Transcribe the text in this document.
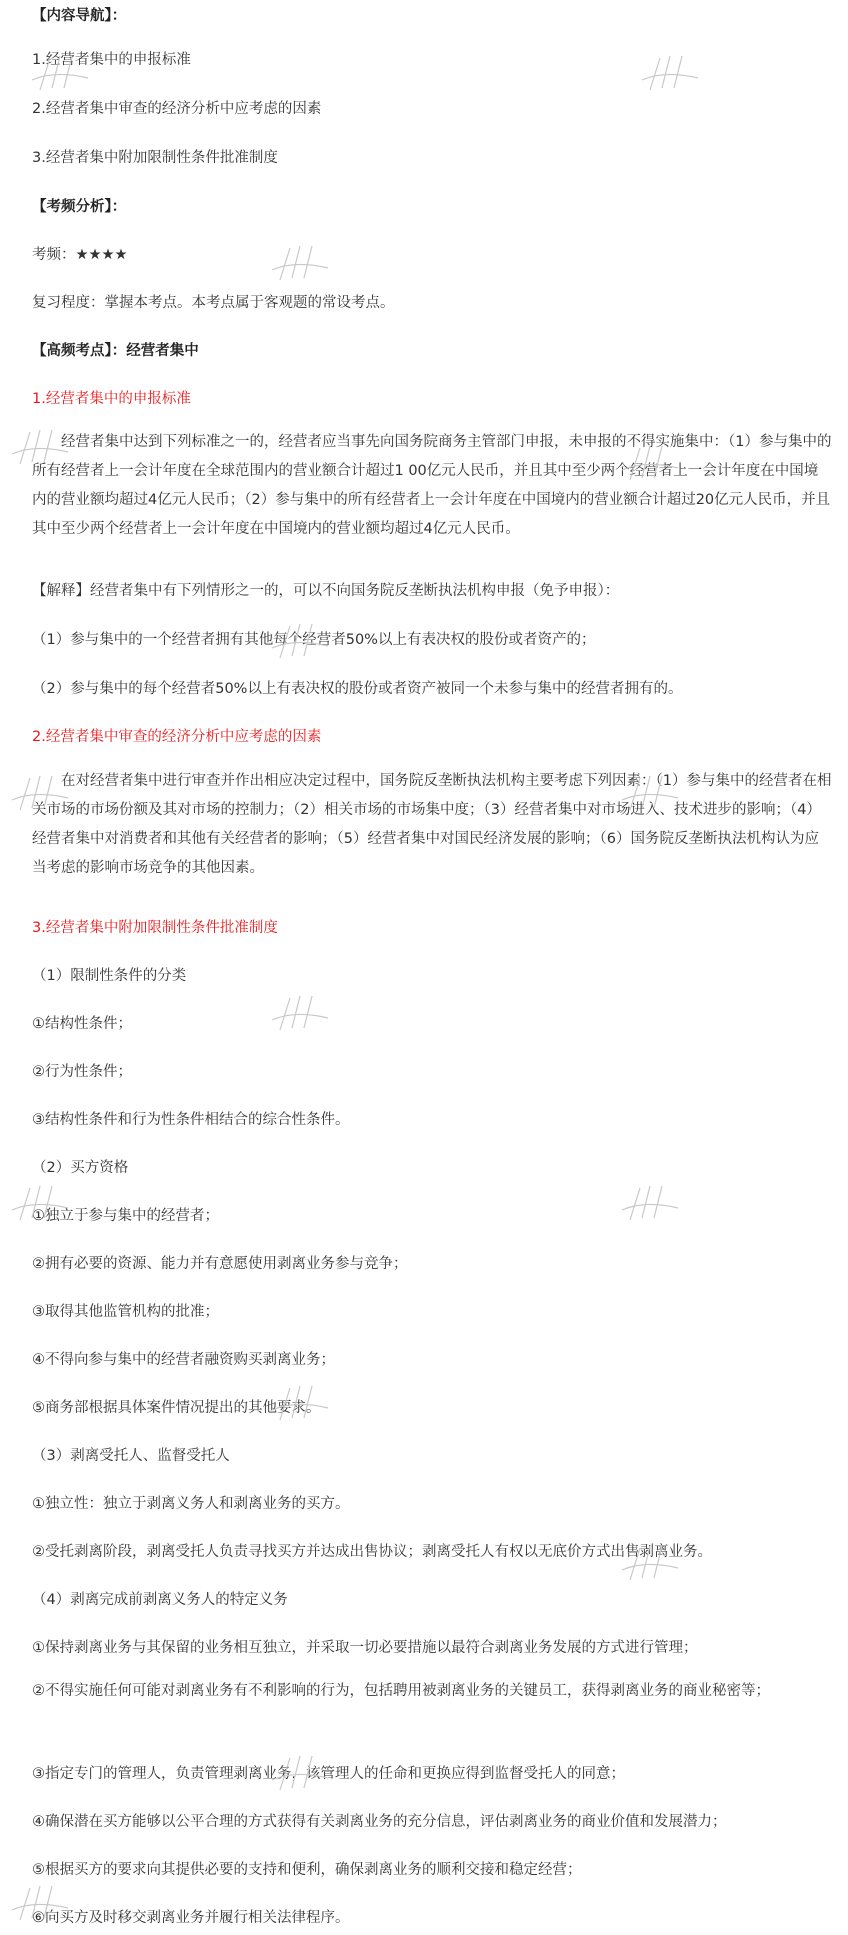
【内容导航】：
1.经营者集中的申报标准
2.经营者集中审查的经济分析中应考虑的因素
3.经营者集中附加限制性条件批准制度
【考频分析】：
考频：★★★★
复习程度：掌握本考点。本考点属于客观题的常设考点。
【高频考点】：经营者集中
1.经营者集中的申报标准
经营者集中达到下列标准之一的，经营者应当事先向国务院商务主管部门申报，未申报的不得实施集中：（1）参与集中的所有经营者上一会计年度在全球范围内的营业额合计超过1 00亿元人民币，并且其中至少两个经营者上一会计年度在中国境内的营业额均超过4亿元人民币；（2）参与集中的所有经营者上一会计年度在中国境内的营业额合计超过20亿元人民币，并且其中至少两个经营者上一会计年度在中国境内的营业额均超过4亿元人民币。
【解释】经营者集中有下列情形之一的，可以不向国务院反垄断执法机构申报（免予申报）：
（1）参与集中的一个经营者拥有其他每个经营者50%以上有表决权的股份或者资产的；
（2）参与集中的每个经营者50%以上有表决权的股份或者资产被同一个未参与集中的经营者拥有的。
2.经营者集中审查的经济分析中应考虑的因素
在对经营者集中进行审查并作出相应决定过程中，国务院反垄断执法机构主要考虑下列因素：（1）参与集中的经营者在相关市场的市场份额及其对市场的控制力；（2）相关市场的市场集中度；（3）经营者集中对市场进入、技术进步的影响；（4）经营者集中对消费者和其他有关经营者的影响；（5）经营者集中对国民经济发展的影响；（6）国务院反垄断执法机构认为应当考虑的影响市场竞争的其他因素。
3.经营者集中附加限制性条件批准制度
（1）限制性条件的分类
①结构性条件；
②行为性条件；
③结构性条件和行为性条件相结合的综合性条件。
（2）买方资格
①独立于参与集中的经营者；
②拥有必要的资源、能力并有意愿使用剥离业务参与竞争；
③取得其他监管机构的批准；
④不得向参与集中的经营者融资购买剥离业务；
⑤商务部根据具体案件情况提出的其他要求。
（3）剥离受托人、监督受托人
①独立性：独立于剥离义务人和剥离业务的买方。
②受托剥离阶段，剥离受托人负责寻找买方并达成出售协议；剥离受托人有权以无底价方式出售剥离业务。
（4）剥离完成前剥离义务人的特定义务
①保持剥离业务与其保留的业务相互独立，并采取一切必要措施以最符合剥离业务发展的方式进行管理；
②不得实施任何可能对剥离业务有不利影响的行为，包括聘用被剥离业务的关键员工，获得剥离业务的商业秘密等；
③指定专门的管理人，负责管理剥离业务，该管理人的任命和更换应得到监督受托人的同意；
④确保潜在买方能够以公平合理的方式获得有关剥离业务的充分信息，评估剥离业务的商业价值和发展潜力；
⑤根据买方的要求向其提供必要的支持和便利，确保剥离业务的顺利交接和稳定经营；
⑥向买方及时移交剥离业务并履行相关法律程序。
